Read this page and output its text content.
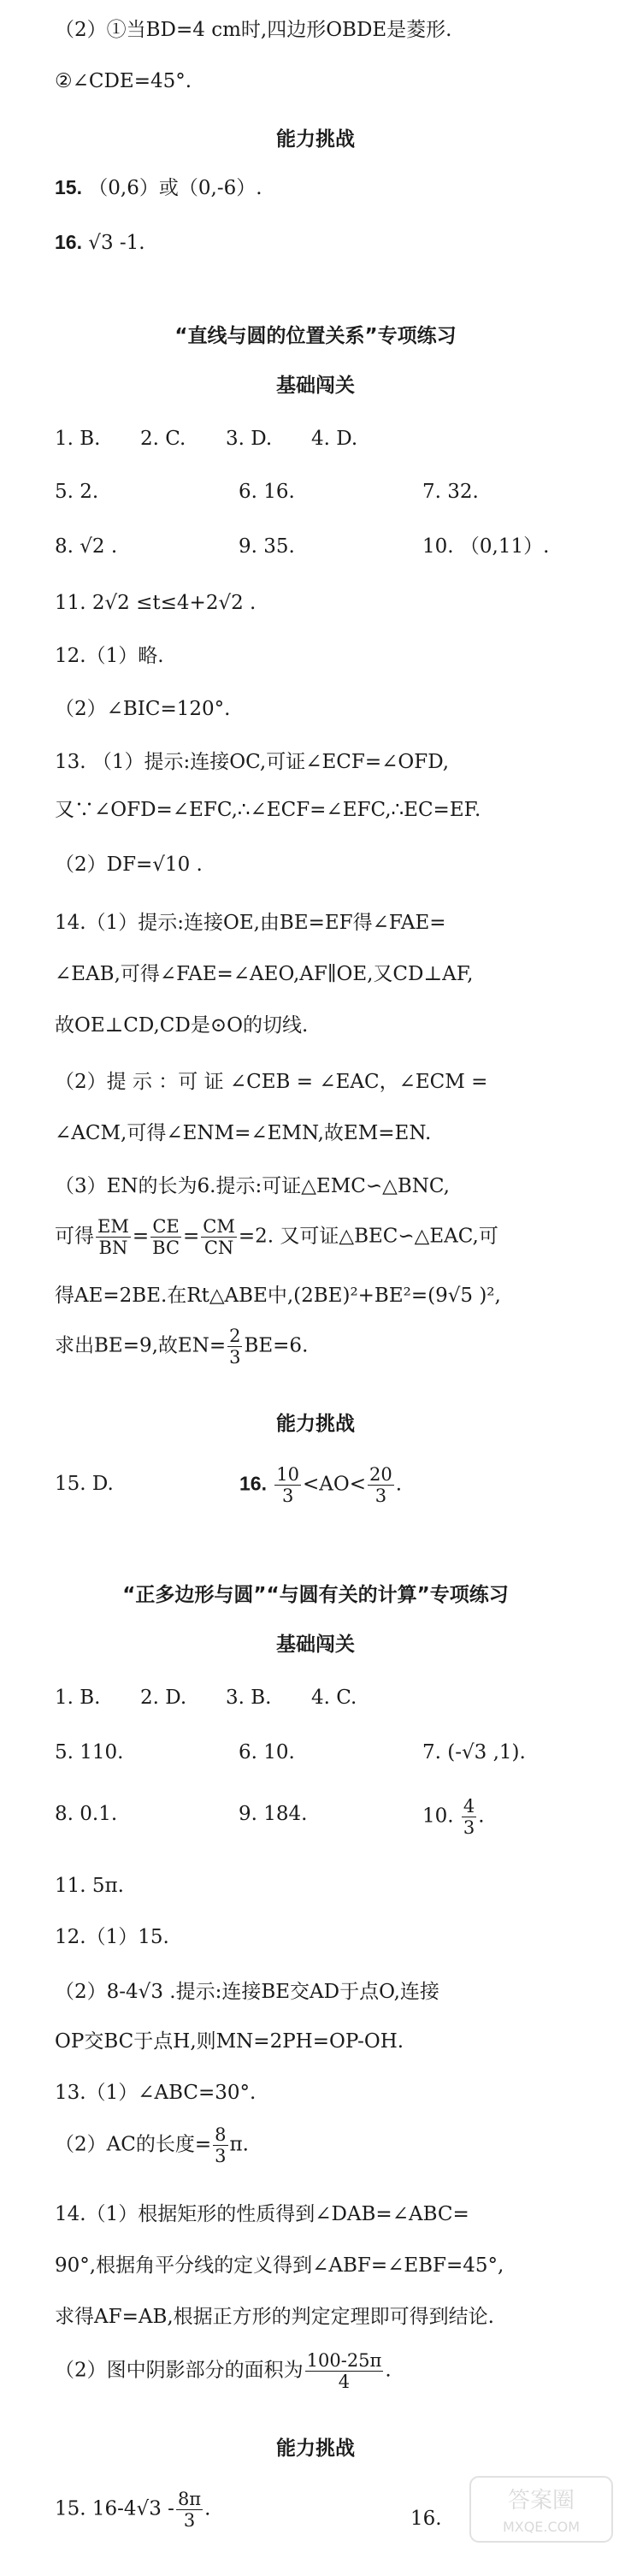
（2）①当BD=4 cm时,四边形OBDE是菱形.
②∠CDE=45°.
能力挑战
15. （0,6）或（0,-6）.
16. √3 -1.
“直线与圆的位置关系”专项练习
基础闯关
1. B. 2. C. 3. D. 4. D.
5. 2.	6. 16.	7. 32.
8. √2 .	9. 35.	10. （0,11）.
11. 2√2 ≤t≤4+2√2 .
12.（1）略.
（2）∠BIC=120°.
13. （1）提示:连接OC,可证∠ECF=∠OFD,
又∵∠OFD=∠EFC,∴∠ECF=∠EFC,∴EC=EF.
（2）DF=√10 .
14.（1）提示:连接OE,由BE=EF得∠FAE=
∠EAB,可得∠FAE=∠AEO,AF∥OE,又CD⊥AF,
故OE⊥CD,CD是⊙O的切线.
（2）提 示 ：可 证 ∠CEB = ∠EAC，∠ECM =
∠ACM,可得∠ENM=∠EMN,故EM=EN.
（3）EN的长为6.提示:可证△EMC∽△BNC,
可得 $\frac{EM}{BN} = \frac{CE}{BC} = \frac{CM}{CN} =2$. 又可证△BEC∽△EAC,可
得AE=2BE.在Rt△ABE中,(2BE)²+BE²=(9√5 )²,
求出BE=9,故$EN= \frac{2}{3} BE=6$.
能力挑战
15. D.	16. $\frac{10}{3} <AO< \frac{20}{3}$ .
“正多边形与圆”“与圆有关的计算”专项练习
基础闯关
1. B. 2. D. 3. B. 4. C.
5. 110.	6. 10.	7. (-√3 ,1).
8. 0.1.	9. 184.	10. $\frac{4}{3}$ .
11. 5π.
12.（1）15.
（2）8-4√3 .提示:连接BE交AD于点O,连接
OP交BC于点H,则MN=2PH=OP-OH.
13.（1）∠ABC=30°.
（2）AC的长度= $\frac{8}{3} \pi$.
14.（1）根据矩形的性质得到∠DAB=∠ABC=
90°,根据角平分线的定义得到∠ABF=∠EBF=45°,
求得AF=AB,根据正方形的判定定理即可得到结论.
（2）图中阴影部分的面积为 $\frac{100-25\pi}{4}$ .
能力挑战
15. $16-4√3 - \frac{8\pi}{3}$ .	16.
答案圈
MXQE.COM
